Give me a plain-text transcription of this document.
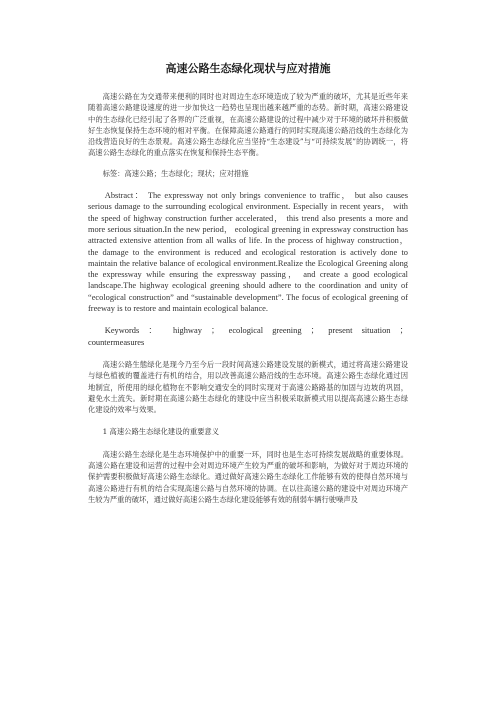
高速公路生态绿化现状与应对措施

高速公路在为交通带来便利的同时也对周边生态环境造成了较为严重的破坏，尤其是近些年来随着高速公路建设速度的进一步加快这一趋势也呈现出越来越严重的态势。新时期，高速公路建设中的生态绿化已经引起了各界的广泛重视，在高速公路建设的过程中减少对于环境的破坏并积极做好生态恢复保持生态环境的相对平衡。在保障高速公路通行的同时实现高速公路沿线的生态绿化为沿线营造良好的生态景观。高速公路生态绿化应当坚持“生态建设”与“可持续发展”的协调统一，将高速公路生态绿化的重点落实在恢复和保持生态平衡。

标签：高速公路；生态绿化；现状；应对措施

Abstract： The expressway not only brings convenience to traffic， but also causes serious damage to the surrounding ecological environment. Especially in recent years， with the speed of highway construction further accelerated， this trend also presents a more and more serious situation.In the new period， ecological greening in expressway construction has attracted extensive attention from all walks of life. In the process of highway construction， the damage to the environment is reduced and ecological restoration is actively done to maintain the relative balance of ecological environment.Realize the Ecological Greening along the expressway while ensuring the expressway passing， and create a good ecological landscape.The highway ecological greening should adhere to the coordination and unity of “ecological construction” and “sustainable development”. The focus of ecological greening of freeway is to restore and maintain ecological balance.

Keywords ： highway ； ecological greening ； present situation ；
countermeasures

高速公路生態绿化是现今乃至今后一段时间高速公路建设发展的新模式，通过将高速公路建设与绿色植被的覆盖进行有机的结合，用以改善高速公路沿线的生态环境。高速公路生态绿化通过因地制宜，所使用的绿化植物在不影响交通安全的同时实现对于高速公路路基的加固与边坡的巩固，避免水土流失。新时期在高速公路生态绿化的建设中应当积极采取新模式用以提高高速公路生态绿化建设的效率与效果。

1 高速公路生态绿化建设的重要意义

高速公路生态绿化是生态环境保护中的重要一环，同时也是生态可持续发展战略的重要体现。高速公路在建设和运营的过程中会对周边环境产生较为严重的破坏和影响，为做好对于周边环境的保护需要积极做好高速公路生态绿化。通过做好高速公路生态绿化工作能够有效的使得自然环境与高速公路进行有机的结合实现高速公路与自然环境的协调。在以往高速公路的建设中对周边环境产生较为严重的破坏，通过做好高速公路生态绿化建设能够有效的削弱车辆行驶噪声及
